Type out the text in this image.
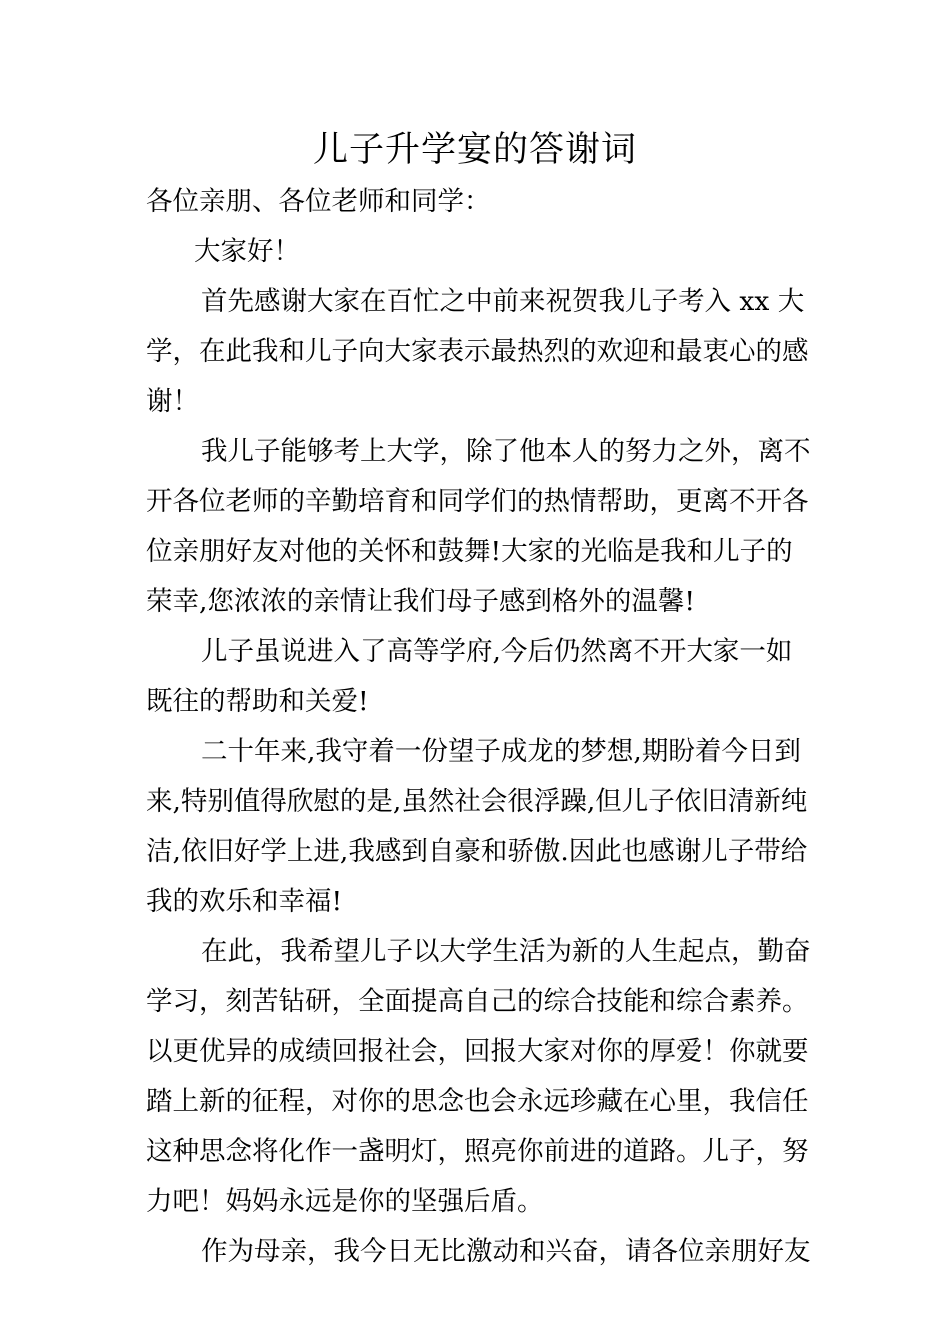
儿子升学宴的答谢词

各位亲朋、各位老师和同学：

大家好！

首先感谢大家在百忙之中前来祝贺我儿子考入 xx 大学，在此我和儿子向大家表示最热烈的欢迎和最衷心的感谢！

我儿子能够考上大学，除了他本人的努力之外，离不开各位老师的辛勤培育和同学们的热情帮助，更离不开各位亲朋好友对他的关怀和鼓舞!大家的光临是我和儿子的荣幸,您浓浓的亲情让我们母子感到格外的温馨!

儿子虽说进入了高等学府,今后仍然离不开大家一如既往的帮助和关爱!

二十年来,我守着一份望子成龙的梦想,期盼着今日到来,特别值得欣慰的是,虽然社会很浮躁,但儿子依旧清新纯洁,依旧好学上进,我感到自豪和骄傲.因此也感谢儿子带给我的欢乐和幸福!

在此，我希望儿子以大学生活为新的人生起点，勤奋学习，刻苦钻研，全面提高自己的综合技能和综合素养。以更优异的成绩回报社会，回报大家对你的厚爱！你就要踏上新的征程，对你的思念也会永远珍藏在心里，我信任这种思念将化作一盏明灯，照亮你前进的道路。儿子，努力吧！妈妈永远是你的坚强后盾。

作为母亲，我今日无比激动和兴奋，请各位亲朋好友
